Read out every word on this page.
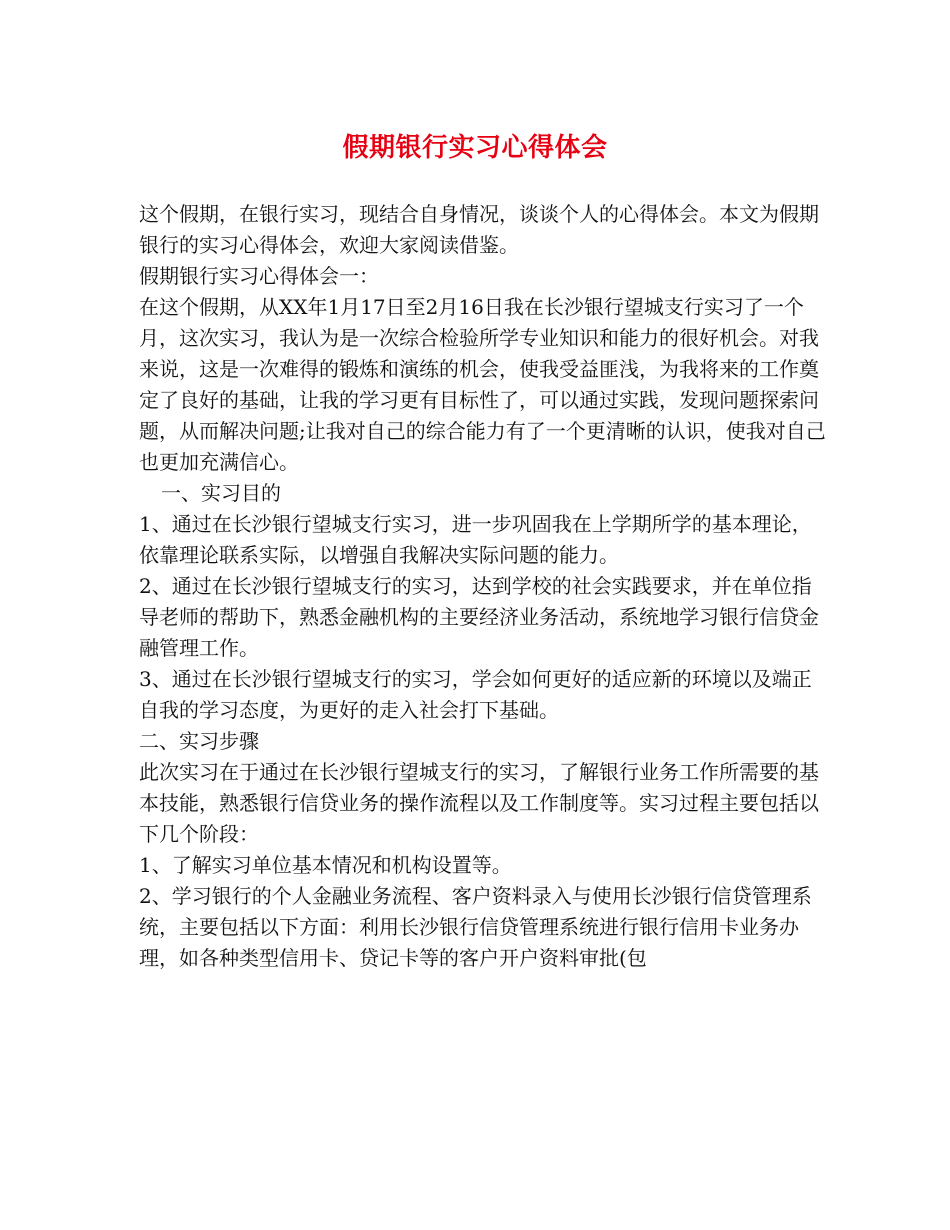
假期银行实习心得体会

这个假期，在银行实习，现结合自身情况，谈谈个人的心得体会。本文为假期银行的实习心得体会，欢迎大家阅读借鉴。

假期银行实习心得体会一：

在这个假期，从XX年1月17日至2月16日我在长沙银行望城支行实习了一个月，这次实习，我认为是一次综合检验所学专业知识和能力的很好机会。对我来说，这是一次难得的锻炼和演练的机会，使我受益匪浅，为我将来的工作奠定了良好的基础，让我的学习更有目标性了，可以通过实践，发现问题探索问题，从而解决问题;让我对自己的综合能力有了一个更清晰的认识，使我对自己也更加充满信心。

一、实习目的

1、通过在长沙银行望城支行实习，进一步巩固我在上学期所学的基本理论，依靠理论联系实际，以增强自我解决实际问题的能力。

2、通过在长沙银行望城支行的实习，达到学校的社会实践要求，并在单位指导老师的帮助下，熟悉金融机构的主要经济业务活动，系统地学习银行信贷金融管理工作。

3、通过在长沙银行望城支行的实习，学会如何更好的适应新的环境以及端正自我的学习态度，为更好的走入社会打下基础。

二、实习步骤

此次实习在于通过在长沙银行望城支行的实习，了解银行业务工作所需要的基本技能，熟悉银行信贷业务的操作流程以及工作制度等。实习过程主要包括以下几个阶段：

1、了解实习单位基本情况和机构设置等。

2、学习银行的个人金融业务流程、客户资料录入与使用长沙银行信贷管理系统，主要包括以下方面：利用长沙银行信贷管理系统进行银行信用卡业务办理，如各种类型信用卡、贷记卡等的客户开户资料审批(包
